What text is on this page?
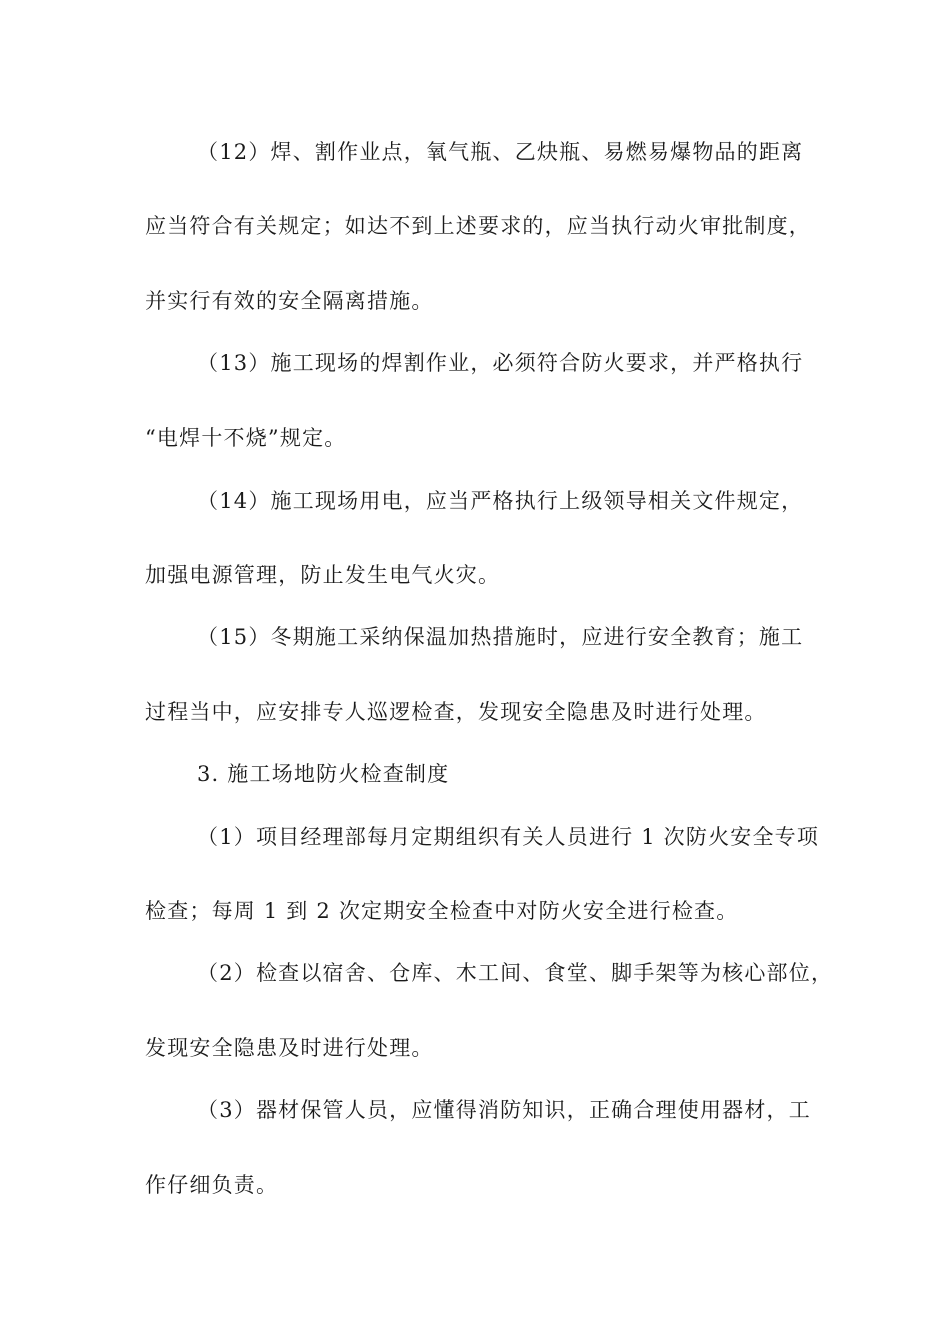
（12）焊、割作业点，氧气瓶、乙炔瓶、易燃易爆物品的距离
应当符合有关规定；如达不到上述要求的，应当执行动火审批制度，
并实行有效的安全隔离措施。
（13）施工现场的焊割作业，必须符合防火要求，并严格执行
“电焊十不烧”规定。
（14）施工现场用电，应当严格执行上级领导相关文件规定，
加强电源管理，防止发生电气火灾。
（15）冬期施工采纳保温加热措施时，应进行安全教育；施工
过程当中，应安排专人巡逻检查，发现安全隐患及时进行处理。
3. 施工场地防火检查制度
（1）项目经理部每月定期组织有关人员进行 1 次防火安全专项
检查；每周 1 到 2 次定期安全检查中对防火安全进行检查。
（2）检查以宿舍、仓库、木工间、食堂、脚手架等为核心部位，
发现安全隐患及时进行处理。
（3）器材保管人员，应懂得消防知识，正确合理使用器材，工
作仔细负责。
